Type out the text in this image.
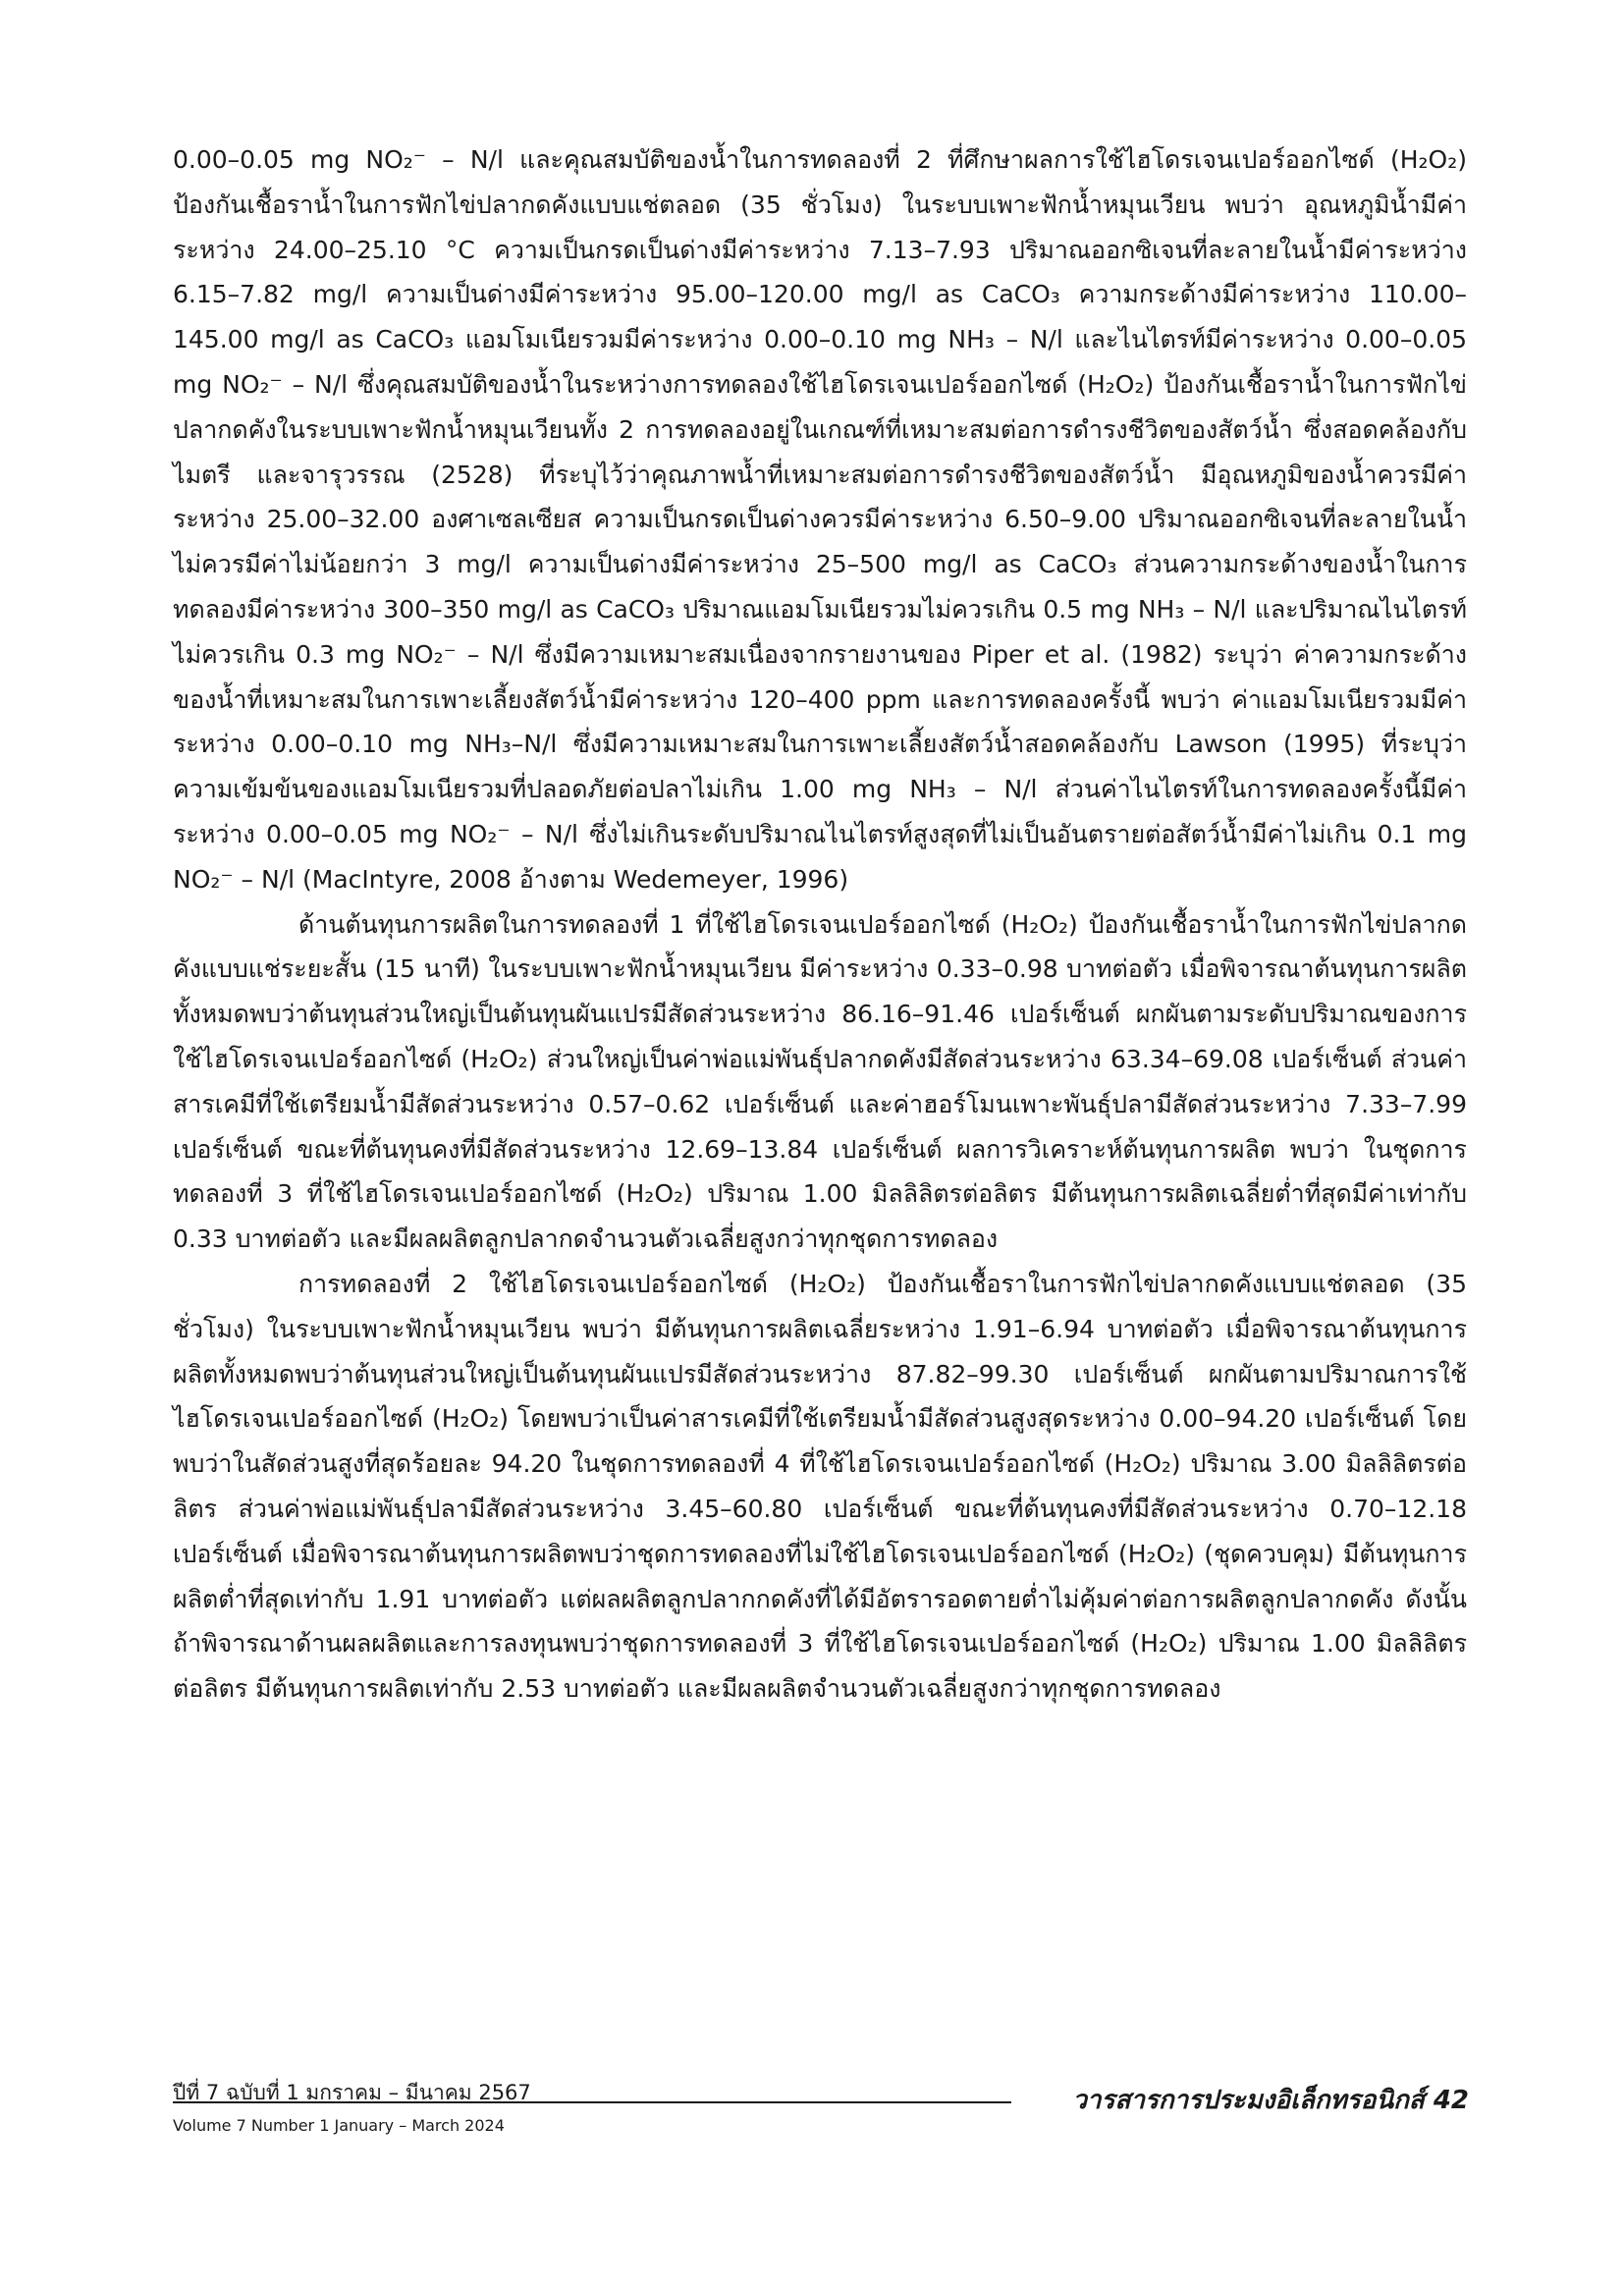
0.00–0.05 mg NO₂⁻ – N/l และคุณสมบัติของน้ำในการทดลองที่ 2 ที่ศึกษาผลการใช้ไฮโดรเจนเปอร์ออกไซด์ (H₂O₂) ป้องกันเชื้อราน้ำในการฟักไข่ปลากดคังแบบแช่ตลอด (35 ชั่วโมง) ในระบบเพาะฟักน้ำหมุนเวียน พบว่า อุณหภูมิน้ำมีค่าระหว่าง 24.00–25.10 °C ความเป็นกรดเป็นด่างมีค่าระหว่าง 7.13–7.93 ปริมาณออกซิเจนที่ละลายในน้ำมีค่าระหว่าง 6.15–7.82 mg/l ความเป็นด่างมีค่าระหว่าง 95.00–120.00 mg/l as CaCO₃ ความกระด้างมีค่าระหว่าง 110.00–145.00 mg/l as CaCO₃ แอมโมเนียรวมมีค่าระหว่าง 0.00–0.10 mg NH₃ – N/l และไนไตรท์มีค่าระหว่าง 0.00–0.05 mg NO₂⁻ – N/l ซึ่งคุณสมบัติของน้ำในระหว่างการทดลองใช้ไฮโดรเจนเปอร์ออกไซด์ (H₂O₂) ป้องกันเชื้อราน้ำในการฟักไข่ปลากดคังในระบบเพาะฟักน้ำหมุนเวียนทั้ง 2 การทดลองอยู่ในเกณฑ์ที่เหมาะสมต่อการดำรงชีวิตของสัตว์น้ำ ซึ่งสอดคล้องกับไมตรี และจารุวรรณ (2528) ที่ระบุไว้ว่าคุณภาพน้ำที่เหมาะสมต่อการดำรงชีวิตของสัตว์น้ำ มีอุณหภูมิของน้ำควรมีค่าระหว่าง 25.00–32.00 องศาเซลเซียส ความเป็นกรดเป็นด่างควรมีค่าระหว่าง 6.50–9.00 ปริมาณออกซิเจนที่ละลายในน้ำไม่ควรมีค่าไม่น้อยกว่า 3 mg/l ความเป็นด่างมีค่าระหว่าง 25–500 mg/l as CaCO₃ ส่วนความกระด้างของน้ำในการทดลองมีค่าระหว่าง 300–350 mg/l as CaCO₃ ปริมาณแอมโมเนียรวมไม่ควรเกิน 0.5 mg NH₃ – N/l และปริมาณไนไตรท์ไม่ควรเกิน 0.3 mg NO₂⁻ – N/l ซึ่งมีความเหมาะสมเนื่องจากรายงานของ Piper et al. (1982) ระบุว่า ค่าความกระด้างของน้ำที่เหมาะสมในการเพาะเลี้ยงสัตว์น้ำมีค่าระหว่าง 120–400 ppm และการทดลองครั้งนี้ พบว่า ค่าแอมโมเนียรวมมีค่าระหว่าง 0.00–0.10 mg NH₃–N/l ซึ่งมีความเหมาะสมในการเพาะเลี้ยงสัตว์น้ำสอดคล้องกับ Lawson (1995) ที่ระบุว่าความเข้มข้นของแอมโมเนียรวมที่ปลอดภัยต่อปลาไม่เกิน 1.00 mg NH₃ – N/l ส่วนค่าไนไตรท์ในการทดลองครั้งนี้มีค่าระหว่าง 0.00–0.05 mg NO₂⁻ – N/l ซึ่งไม่เกินระดับปริมาณไนไตรท์สูงสุดที่ไม่เป็นอันตรายต่อสัตว์น้ำมีค่าไม่เกิน 0.1 mg NO₂⁻ – N/l (MacIntyre, 2008 อ้างตาม Wedemeyer, 1996)

ด้านต้นทุนการผลิตในการทดลองที่ 1 ที่ใช้ไฮโดรเจนเปอร์ออกไซด์ (H₂O₂) ป้องกันเชื้อราน้ำในการฟักไข่ปลากดคังแบบแช่ระยะสั้น (15 นาที) ในระบบเพาะฟักน้ำหมุนเวียน มีค่าระหว่าง 0.33–0.98 บาทต่อตัว เมื่อพิจารณาต้นทุนการผลิตทั้งหมดพบว่าต้นทุนส่วนใหญ่เป็นต้นทุนผันแปรมีสัดส่วนระหว่าง 86.16–91.46 เปอร์เซ็นต์ ผกผันตามระดับปริมาณของการใช้ไฮโดรเจนเปอร์ออกไซด์ (H₂O₂) ส่วนใหญ่เป็นค่าพ่อแม่พันธุ์ปลากดคังมีสัดส่วนระหว่าง 63.34–69.08 เปอร์เซ็นต์ ส่วนค่าสารเคมีที่ใช้เตรียมน้ำมีสัดส่วนระหว่าง 0.57–0.62 เปอร์เซ็นต์ และค่าฮอร์โมนเพาะพันธุ์ปลามีสัดส่วนระหว่าง 7.33–7.99 เปอร์เซ็นต์ ขณะที่ต้นทุนคงที่มีสัดส่วนระหว่าง 12.69–13.84 เปอร์เซ็นต์ ผลการวิเคราะห์ต้นทุนการผลิต พบว่า ในชุดการทดลองที่ 3 ที่ใช้ไฮโดรเจนเปอร์ออกไซด์ (H₂O₂) ปริมาณ 1.00 มิลลิลิตรต่อลิตร มีต้นทุนการผลิตเฉลี่ยต่ำที่สุดมีค่าเท่ากับ 0.33 บาทต่อตัว และมีผลผลิตลูกปลากดจำนวนตัวเฉลี่ยสูงกว่าทุกชุดการทดลอง

การทดลองที่ 2 ใช้ไฮโดรเจนเปอร์ออกไซด์ (H₂O₂) ป้องกันเชื้อราในการฟักไข่ปลากดคังแบบแช่ตลอด (35 ชั่วโมง) ในระบบเพาะฟักน้ำหมุนเวียน พบว่า มีต้นทุนการผลิตเฉลี่ยระหว่าง 1.91–6.94 บาทต่อตัว เมื่อพิจารณาต้นทุนการผลิตทั้งหมดพบว่าต้นทุนส่วนใหญ่เป็นต้นทุนผันแปรมีสัดส่วนระหว่าง 87.82–99.30 เปอร์เซ็นต์ ผกผันตามปริมาณการใช้ไฮโดรเจนเปอร์ออกไซด์ (H₂O₂) โดยพบว่าเป็นค่าสารเคมีที่ใช้เตรียมน้ำมีสัดส่วนสูงสุดระหว่าง 0.00–94.20 เปอร์เซ็นต์ โดยพบว่าในสัดส่วนสูงที่สุดร้อยละ 94.20 ในชุดการทดลองที่ 4 ที่ใช้ไฮโดรเจนเปอร์ออกไซด์ (H₂O₂) ปริมาณ 3.00 มิลลิลิตรต่อลิตร ส่วนค่าพ่อแม่พันธุ์ปลามีสัดส่วนระหว่าง 3.45–60.80 เปอร์เซ็นต์ ขณะที่ต้นทุนคงที่มีสัดส่วนระหว่าง 0.70–12.18 เปอร์เซ็นต์ เมื่อพิจารณาต้นทุนการผลิตพบว่าชุดการทดลองที่ไม่ใช้ไฮโดรเจนเปอร์ออกไซด์ (H₂O₂) (ชุดควบคุม) มีต้นทุนการผลิตต่ำที่สุดเท่ากับ 1.91 บาทต่อตัว แต่ผลผลิตลูกปลากกดคังที่ได้มีอัตรารอดตายต่ำไม่คุ้มค่าต่อการผลิตลูกปลากดคัง ดังนั้น ถ้าพิจารณาด้านผลผลิตและการลงทุนพบว่าชุดการทดลองที่ 3 ที่ใช้ไฮโดรเจนเปอร์ออกไซด์ (H₂O₂) ปริมาณ 1.00 มิลลิลิตรต่อลิตร มีต้นทุนการผลิตเท่ากับ 2.53 บาทต่อตัว และมีผลผลิตจำนวนตัวเฉลี่ยสูงกว่าทุกชุดการทดลอง

ปีที่ 7 ฉบับที่ 1 มกราคม – มีนาคม 2567
Volume 7 Number 1 January – March 2024
วารสารการประมงอิเล็กทรอนิกส์ 42
